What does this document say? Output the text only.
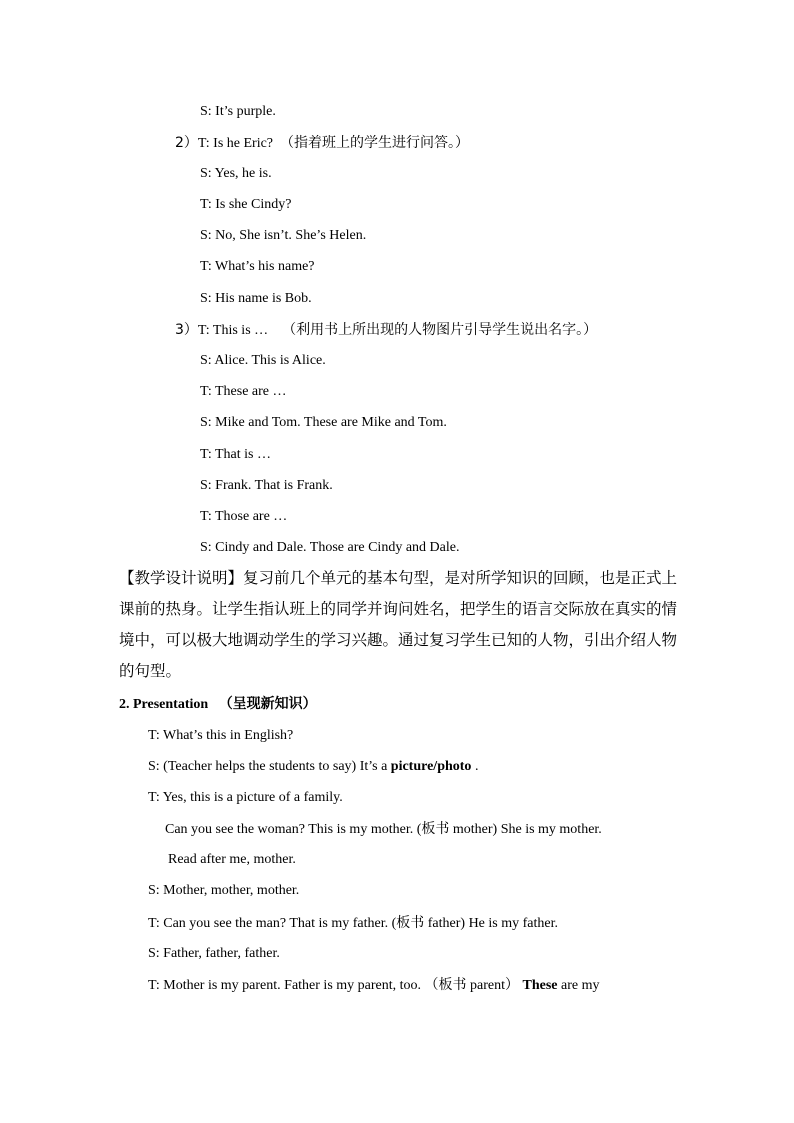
S: It’s purple.
2）T: Is he Eric? （指着班上的学生进行问答。）
S: Yes, he is.
T: Is she Cindy?
S: No, She isn’t. She’s Helen.
T: What’s his name?
S: His name is Bob.
3）T: This is … （利用书上所出现的人物图片引导学生说出名字。）
S: Alice. This is Alice.
T: These are …
S: Mike and Tom. These are Mike and Tom.
T: That is …
S: Frank. That is Frank.
T: Those are …
S: Cindy and Dale. Those are Cindy and Dale.
【教学设计说明】复习前几个单元的基本句型，是对所学知识的回顾，也是正式上课前的热身。让学生指认班上的同学并询问姓名，把学生的语言交际放在真实的情境中，可以极大地调动学生的学习兴趣。通过复习学生已知的人物，引出介绍人物的句型。
2. Presentation （呈现新知识）
T: What’s this in English?
S: (Teacher helps the students to say) It’s a picture/photo .
T: Yes, this is a picture of a family.
Can you see the woman? This is my mother. (板书 mother) She is my mother.
Read after me, mother.
S: Mother, mother, mother.
T: Can you see the man? That is my father. (板书 father) He is my father.
S: Father, father, father.
T: Mother is my parent. Father is my parent, too. （板书 parent） These are my
